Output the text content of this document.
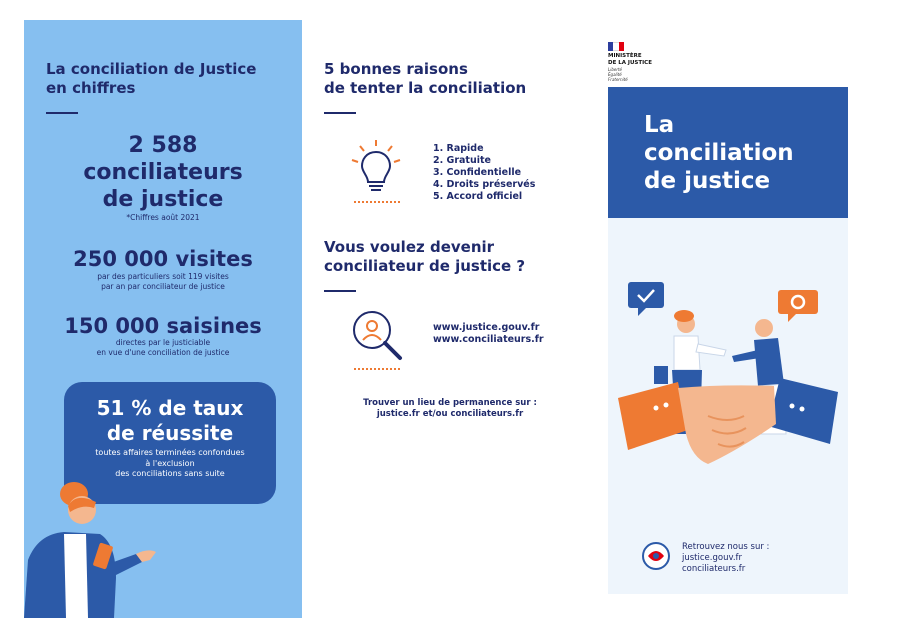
La conciliation de Justice
en chiffres
2 588
conciliateurs
de justice
*Chiffres août 2021
250 000 visites
par des particuliers soit 119 visites
par an par conciliateur de justice
150 000 saisines
directes par le justiciable
en vue d'une conciliation de justice
51 % de taux
de réussite
toutes affaires terminées confondues
à l'exclusion
des conciliations sans suite
5 bonnes raisons
de tenter la conciliation
1. Rapide
2. Gratuite
3. Confidentielle
4. Droits préservés
5. Accord officiel
Vous voulez devenir
conciliateur de justice ?
www.justice.gouv.fr
www.conciliateurs.fr
Trouver un lieu de permanence sur :
justice.fr et/ou conciliateurs.fr
MINISTÈRE
DE LA JUSTICE
Liberté
Égalité
Fraternité
La
conciliation
de justice
Retrouvez nous sur :
justice.gouv.fr
conciliateurs.fr
